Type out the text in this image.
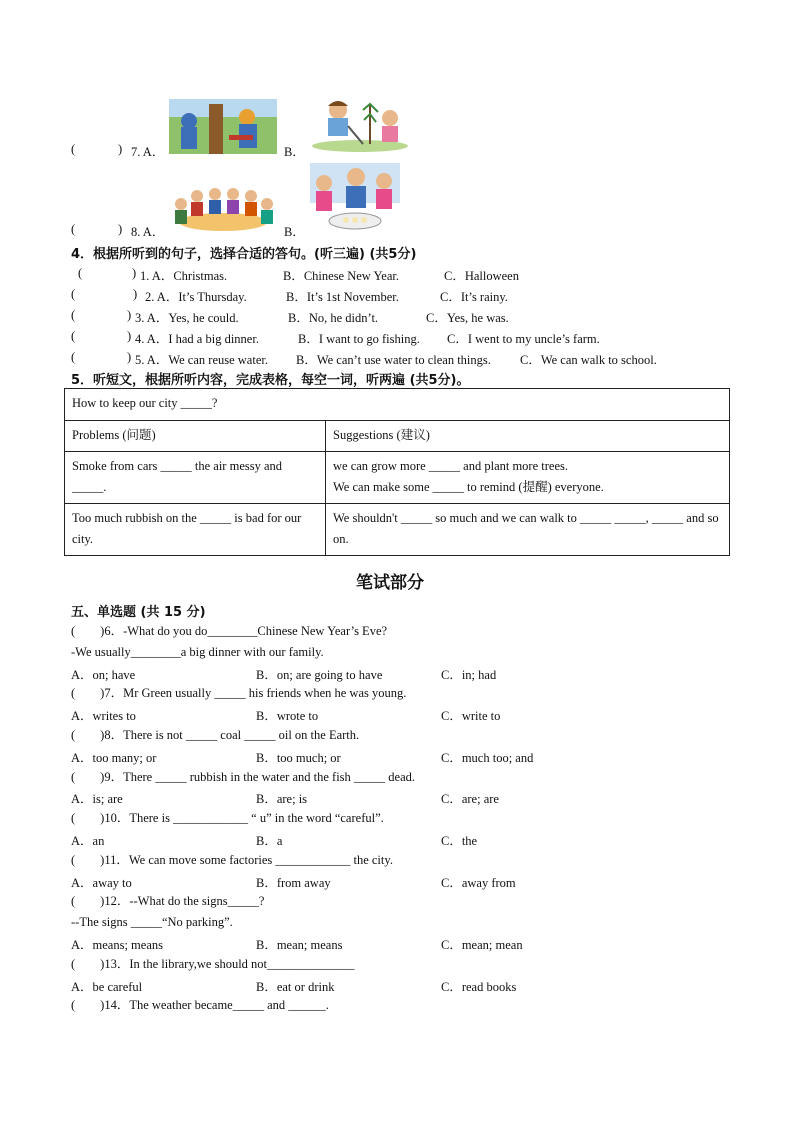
(	) 7. A．	B．
(	) 8. A．	B．
4．根据所听到的句子，选择合适的答句。(听三遍) (共5分)
(	) 1. A．Christmas.	B．Chinese New Year.	C．Halloween
(	) 2. A．It’s Thursday.	B．It’s 1st November.	C．It’s rainy.
(	) 3. A．Yes, he could.	B．No, he didn’t.	C．Yes, he was.
(	) 4. A．I had a big dinner.	B．I want to go fishing. C．I went to my uncle’s farm.
(	) 5. A．We can reuse water. B．We can’t use water to clean things. C．We can walk to school.
5．听短文，根据所听内容，完成表格，每空一词，听两遍 (共5分)。
How to keep our city _____?	
Problems (问题)	Suggestions (建议)
Smoke from cars _____ the air messy and _____.	we can grow more _____ and plant more trees.
We can make some _____ to remind (提醒) everyone.

Too much rubbish on the _____ is bad for our city.	We shouldn't _____ so much and we can walk to _____ _____, _____ and so on.
笔试部分
五、单选题 (共 15 分)
(　　)6．-What do you do________Chinese New Year’s Eve?
-We usually________a big dinner with our family.
A．on; have	B．on; are going to have	C．in; had
(　　)7．Mr Green usually _____ his friends when he was young.
A．writes to	B．wrote to	C．write to
(　　)8．There is not _____ coal _____ oil on the Earth.
A．too many; or	B．too much; or	C．much too; and
(　　)9．There _____ rubbish in the water and the fish _____ dead.
A．is; are	B．are; is	C．are; are
(　　)10．There is ____________ “ u” in the word “careful”.
A．an	B．a	C．the
(　　)11．We can move some factories ____________ the city.
A．away to	B．from away	C．away from
(　　)12．--What do the signs_____?
--The signs _____“No parking”.
A．means; means	B．mean; means	C．mean; mean
(　　)13．In the library,we should not______________
A．be careful	B．eat or drink	C．read books
(　　)14．The weather became_____ and ______.
